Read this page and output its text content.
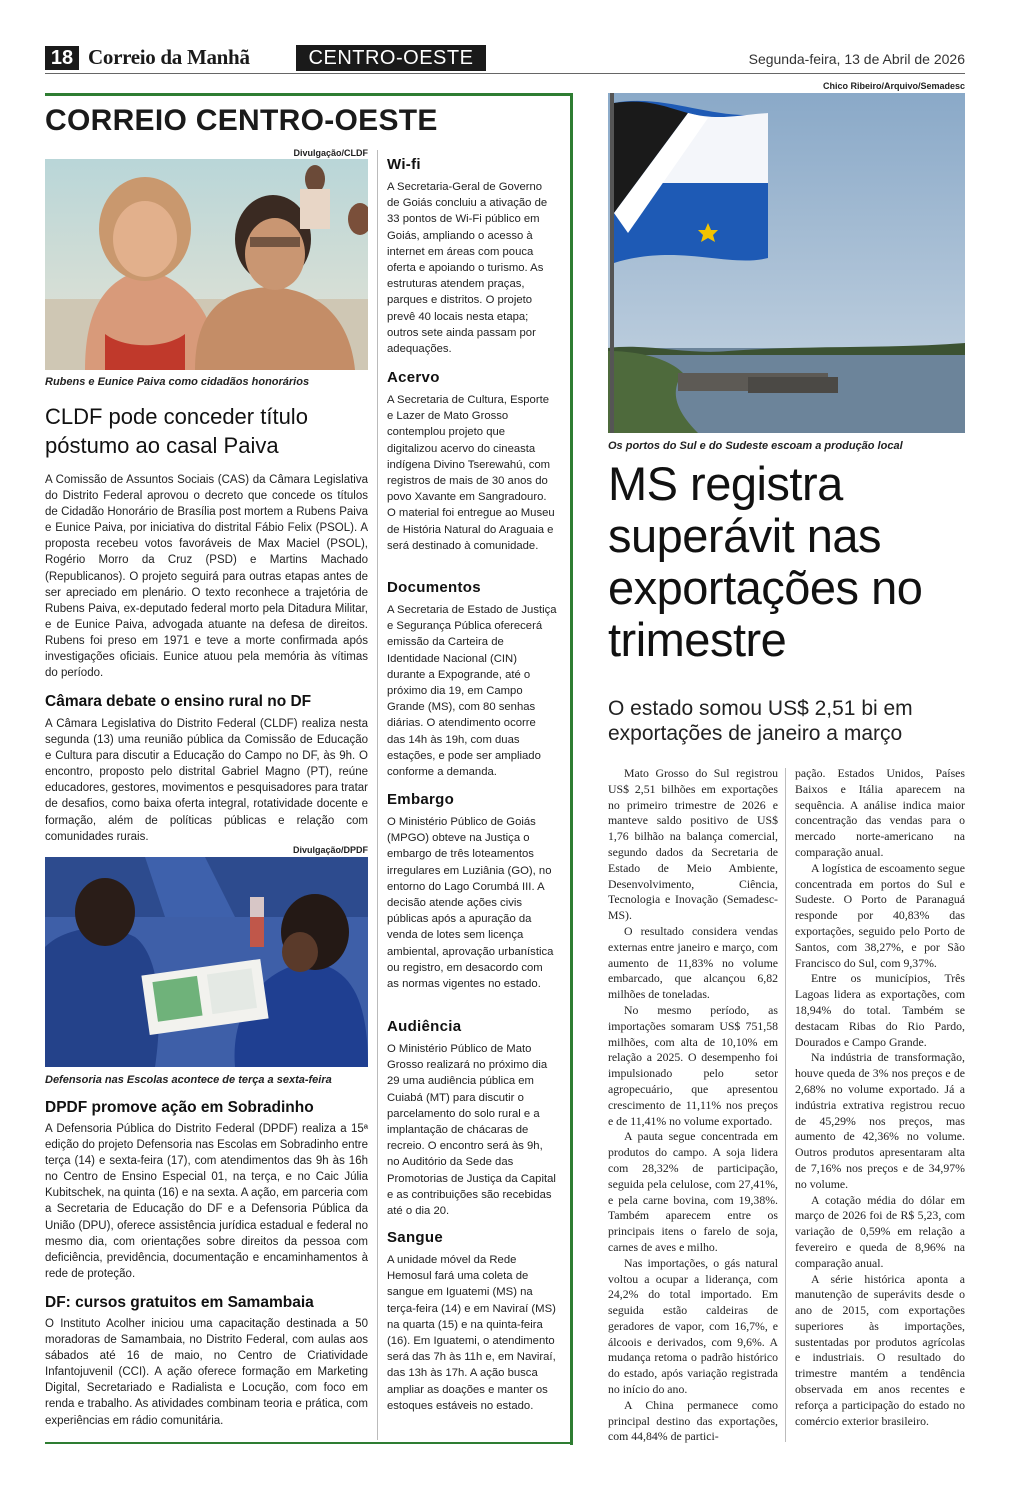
18 Correio da Manhã	CENTRO-OESTE	Segunda-feira, 13 de Abril de 2026
CORREIO CENTRO-OESTE
Divulgação/CLDF
Rubens e Eunice Paiva como cidadãos honorários
CLDF pode conceder título póstumo ao casal Paiva
A Comissão de Assuntos Sociais (CAS) da Câmara Legislativa do Distrito Federal aprovou o decreto que concede os títulos de Cidadão Honorário de Brasília post mortem a Rubens Paiva e Eunice Paiva, por iniciativa do distrital Fábio Felix (PSOL). A proposta recebeu votos favoráveis de Max Maciel (PSOL), Rogério Morro da Cruz (PSD) e Martins Machado (Republicanos). O projeto seguirá para outras etapas antes de ser apreciado em plenário. O texto reconhece a trajetória de Rubens Paiva, ex-deputado federal morto pela Ditadura Militar, e de Eunice Paiva, advogada atuante na defesa de direitos. Rubens foi preso em 1971 e teve a morte confirmada após investigações oficiais. Eunice atuou pela memória às vítimas do período.
Câmara debate o ensino rural no DF
A Câmara Legislativa do Distrito Federal (CLDF) realiza nesta segunda (13) uma reunião pública da Comissão de Educação e Cultura para discutir a Educação do Campo no DF, às 9h. O encontro, proposto pelo distrital Gabriel Magno (PT), reúne educadores, gestores, movimentos e pesquisadores para tratar de desafios, como baixa oferta integral, rotatividade docente e formação, além de políticas públicas e relação com comunidades rurais.
Divulgação/DPDF
Defensoria nas Escolas acontece de terça a sexta-feira
DPDF promove ação em Sobradinho
A Defensoria Pública do Distrito Federal (DPDF) realiza a 15ª edição do projeto Defensoria nas Escolas em Sobradinho entre terça (14) e sexta-feira (17), com atendimentos das 9h às 16h no Centro de Ensino Especial 01, na terça, e no Caic Júlia Kubitschek, na quinta (16) e na sexta. A ação, em parceria com a Secretaria de Educação do DF e a Defensoria Pública da União (DPU), oferece assistência jurídica estadual e federal no mesmo dia, com orientações sobre direitos da pessoa com deficiência, previdência, documentação e encaminhamentos à rede de proteção.
DF: cursos gratuitos em Samambaia
O Instituto Acolher iniciou uma capacitação destinada a 50 moradoras de Samambaia, no Distrito Federal, com aulas aos sábados até 16 de maio, no Centro de Criatividade Infantojuvenil (CCI). A ação oferece formação em Marketing Digital, Secretariado e Radialista e Locução, com foco em renda e trabalho. As atividades combinam teoria e prática, com experiências em rádio comunitária.
Wi-fi
A Secretaria-Geral de Governo de Goiás concluiu a ativação de 33 pontos de Wi-Fi público em Goiás, ampliando o acesso à internet em áreas com pouca oferta e apoiando o turismo. As estruturas atendem praças, parques e distritos. O projeto prevê 40 locais nesta etapa; outros sete ainda passam por adequações.
Acervo
A Secretaria de Cultura, Esporte e Lazer de Mato Grosso contemplou projeto que digitalizou acervo do cineasta indígena Divino Tserewahú, com registros de mais de 30 anos do povo Xavante em Sangradouro. O material foi entregue ao Museu de História Natural do Araguaia e será destinado à comunidade.
Documentos
A Secretaria de Estado de Justiça e Segurança Pública oferecerá emissão da Carteira de Identidade Nacional (CIN) durante a Expogrande, até o próximo dia 19, em Campo Grande (MS), com 80 senhas diárias. O atendimento ocorre das 14h às 19h, com duas estações, e pode ser ampliado conforme a demanda.
Embargo
O Ministério Público de Goiás (MPGO) obteve na Justiça o embargo de três loteamentos irregulares em Luziânia (GO), no entorno do Lago Corumbá III. A decisão atende ações civis públicas após a apuração da venda de lotes sem licença ambiental, aprovação urbanística ou registro, em desacordo com as normas vigentes no estado.
Audiência
O Ministério Público de Mato Grosso realizará no próximo dia 29 uma audiência pública em Cuiabá (MT) para discutir o parcelamento do solo rural e a implantação de chácaras de recreio. O encontro será às 9h, no Auditório da Sede das Promotorias de Justiça da Capital e as contribuições são recebidas até o dia 20.
Sangue
A unidade móvel da Rede Hemosul fará uma coleta de sangue em Iguatemi (MS) na terça-feira (14) e em Naviraí (MS) na quarta (15) e na quinta-feira (16). Em Iguatemi, o atendimento será das 7h às 11h e, em Naviraí, das 13h às 17h. A ação busca ampliar as doações e manter os estoques estáveis no estado.
Chico Ribeiro/Arquivo/Semadesc
Os portos do Sul e do Sudeste escoam a produção local
MS registra superávit nas exportações no trimestre
O estado somou US$ 2,51 bi em exportações de janeiro a março

Mato Grosso do Sul registrou US$ 2,51 bilhões em exportações no primeiro trimestre de 2026 e manteve saldo positivo de US$ 1,76 bilhão na balança comercial, segundo dados da Secretaria de Estado de Meio Ambiente, Desenvolvimento, Ciência, Tecnologia e Inovação (Semadesc-MS).

O resultado considera vendas externas entre janeiro e março, com aumento de 11,83% no volume embarcado, que alcançou 6,82 milhões de toneladas.

No mesmo período, as importações somaram US$ 751,58 milhões, com alta de 10,10% em relação a 2025. O desempenho foi impulsionado pelo setor agropecuário, que apresentou crescimento de 11,11% nos preços e de 11,41% no volume exportado.

A pauta segue concentrada em produtos do campo. A soja lidera com 28,32% de participação, seguida pela celulose, com 27,41%, e pela carne bovina, com 19,38%. Também aparecem entre os principais itens o farelo de soja, carnes de aves e milho.

Nas importações, o gás natural voltou a ocupar a liderança, com 24,2% do total importado. Em seguida estão caldeiras de geradores de vapor, com 16,7%, e álcoois e derivados, com 9,6%. A mudança retoma o padrão histórico do estado, após variação registrada no início do ano.

A China permanece como principal destino das exportações, com 44,84% de partici-

pação. Estados Unidos, Países Baixos e Itália aparecem na sequência. A análise indica maior concentração das vendas para o mercado norte-americano na comparação anual.

A logística de escoamento segue concentrada em portos do Sul e Sudeste. O Porto de Paranaguá responde por 40,83% das exportações, seguido pelo Porto de Santos, com 38,27%, e por São Francisco do Sul, com 9,37%.

Entre os municípios, Três Lagoas lidera as exportações, com 18,94% do total. Também se destacam Ribas do Rio Pardo, Dourados e Campo Grande.

Na indústria de transformação, houve queda de 3% nos preços e de 2,68% no volume exportado. Já a indústria extrativa registrou recuo de 45,29% nos preços, mas aumento de 42,36% no volume. Outros produtos apresentaram alta de 7,16% nos preços e de 34,97% no volume.

A cotação média do dólar em março de 2026 foi de R$ 5,23, com variação de 0,59% em relação a fevereiro e queda de 8,96% na comparação anual.

A série histórica aponta a manutenção de superávits desde o ano de 2015, com exportações superiores às importações, sustentadas por produtos agrícolas e industriais. O resultado do trimestre mantém a tendência observada em anos recentes e reforça a participação do estado no comércio exterior brasileiro.
